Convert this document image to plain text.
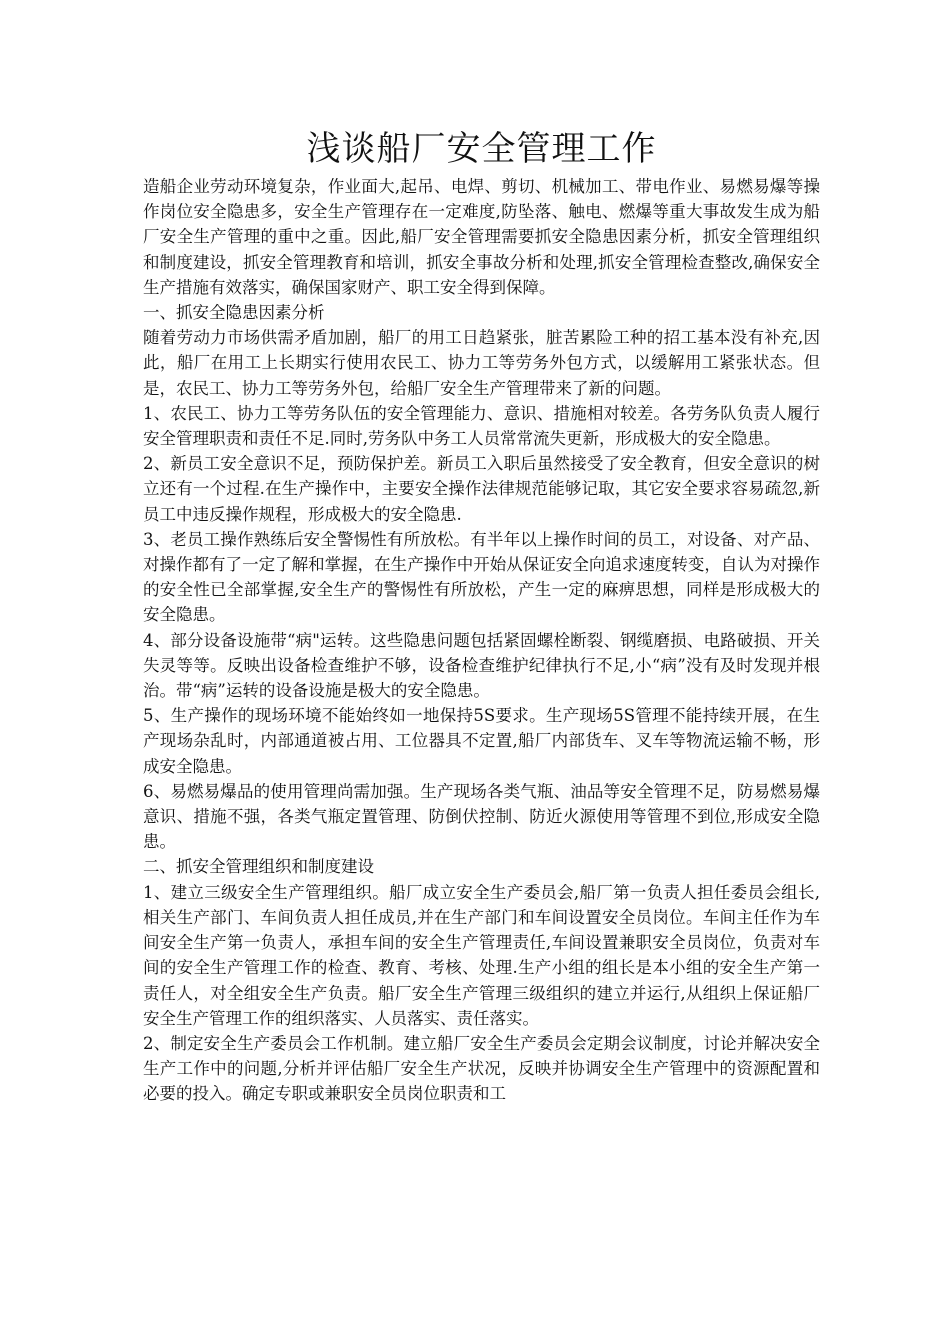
浅谈船厂安全管理工作

造船企业劳动环境复杂，作业面大,起吊、电焊、剪切、机械加工、带电作业、易燃易爆等操作岗位安全隐患多，安全生产管理存在一定难度,防坠落、触电、燃爆等重大事故发生成为船厂安全生产管理的重中之重。因此,船厂安全管理需要抓安全隐患因素分析，抓安全管理组织和制度建设，抓安全管理教育和培训，抓安全事故分析和处理,抓安全管理检查整改,确保安全生产措施有效落实，确保国家财产、职工安全得到保障。

一、抓安全隐患因素分析

随着劳动力市场供需矛盾加剧，船厂的用工日趋紧张，脏苦累险工种的招工基本没有补充,因此，船厂在用工上长期实行使用农民工、协力工等劳务外包方式，以缓解用工紧张状态。但是，农民工、协力工等劳务外包，给船厂安全生产管理带来了新的问题。

1、农民工、协力工等劳务队伍的安全管理能力、意识、措施相对较差。各劳务队负责人履行安全管理职责和责任不足.同时,劳务队中务工人员常常流失更新，形成极大的安全隐患。

2、新员工安全意识不足，预防保护差。新员工入职后虽然接受了安全教育，但安全意识的树立还有一个过程.在生产操作中，主要安全操作法律规范能够记取，其它安全要求容易疏忽,新员工中违反操作规程，形成极大的安全隐患.

3、老员工操作熟练后安全警惕性有所放松。有半年以上操作时间的员工，对设备、对产品、对操作都有了一定了解和掌握，在生产操作中开始从保证安全向追求速度转变，自认为对操作的安全性已全部掌握,安全生产的警惕性有所放松，产生一定的麻痹思想，同样是形成极大的安全隐患。

4、部分设备设施带“病"运转。这些隐患问题包括紧固螺栓断裂、钢缆磨损、电路破损、开关失灵等等。反映出设备检查维护不够，设备检查维护纪律执行不足,小“病”没有及时发现并根治。带“病”运转的设备设施是极大的安全隐患。

5、生产操作的现场环境不能始终如一地保持5S要求。生产现场5S管理不能持续开展，在生产现场杂乱时，内部通道被占用、工位器具不定置,船厂内部货车、叉车等物流运输不畅，形成安全隐患。

6、易燃易爆品的使用管理尚需加强。生产现场各类气瓶、油品等安全管理不足，防易燃易爆意识、措施不强，各类气瓶定置管理、防倒伏控制、防近火源使用等管理不到位,形成安全隐患。

二、抓安全管理组织和制度建设

1、建立三级安全生产管理组织。船厂成立安全生产委员会,船厂第一负责人担任委员会组长,相关生产部门、车间负责人担任成员,并在生产部门和车间设置安全员岗位。车间主任作为车间安全生产第一负责人，承担车间的安全生产管理责任,车间设置兼职安全员岗位，负责对车间的安全生产管理工作的检查、教育、考核、处理.生产小组的组长是本小组的安全生产第一责任人，对全组安全生产负责。船厂安全生产管理三级组织的建立并运行,从组织上保证船厂安全生产管理工作的组织落实、人员落实、责任落实。

2、制定安全生产委员会工作机制。建立船厂安全生产委员会定期会议制度，讨论并解决安全生产工作中的问题,分析并评估船厂安全生产状况，反映并协调安全生产管理中的资源配置和必要的投入。确定专职或兼职安全员岗位职责和工
